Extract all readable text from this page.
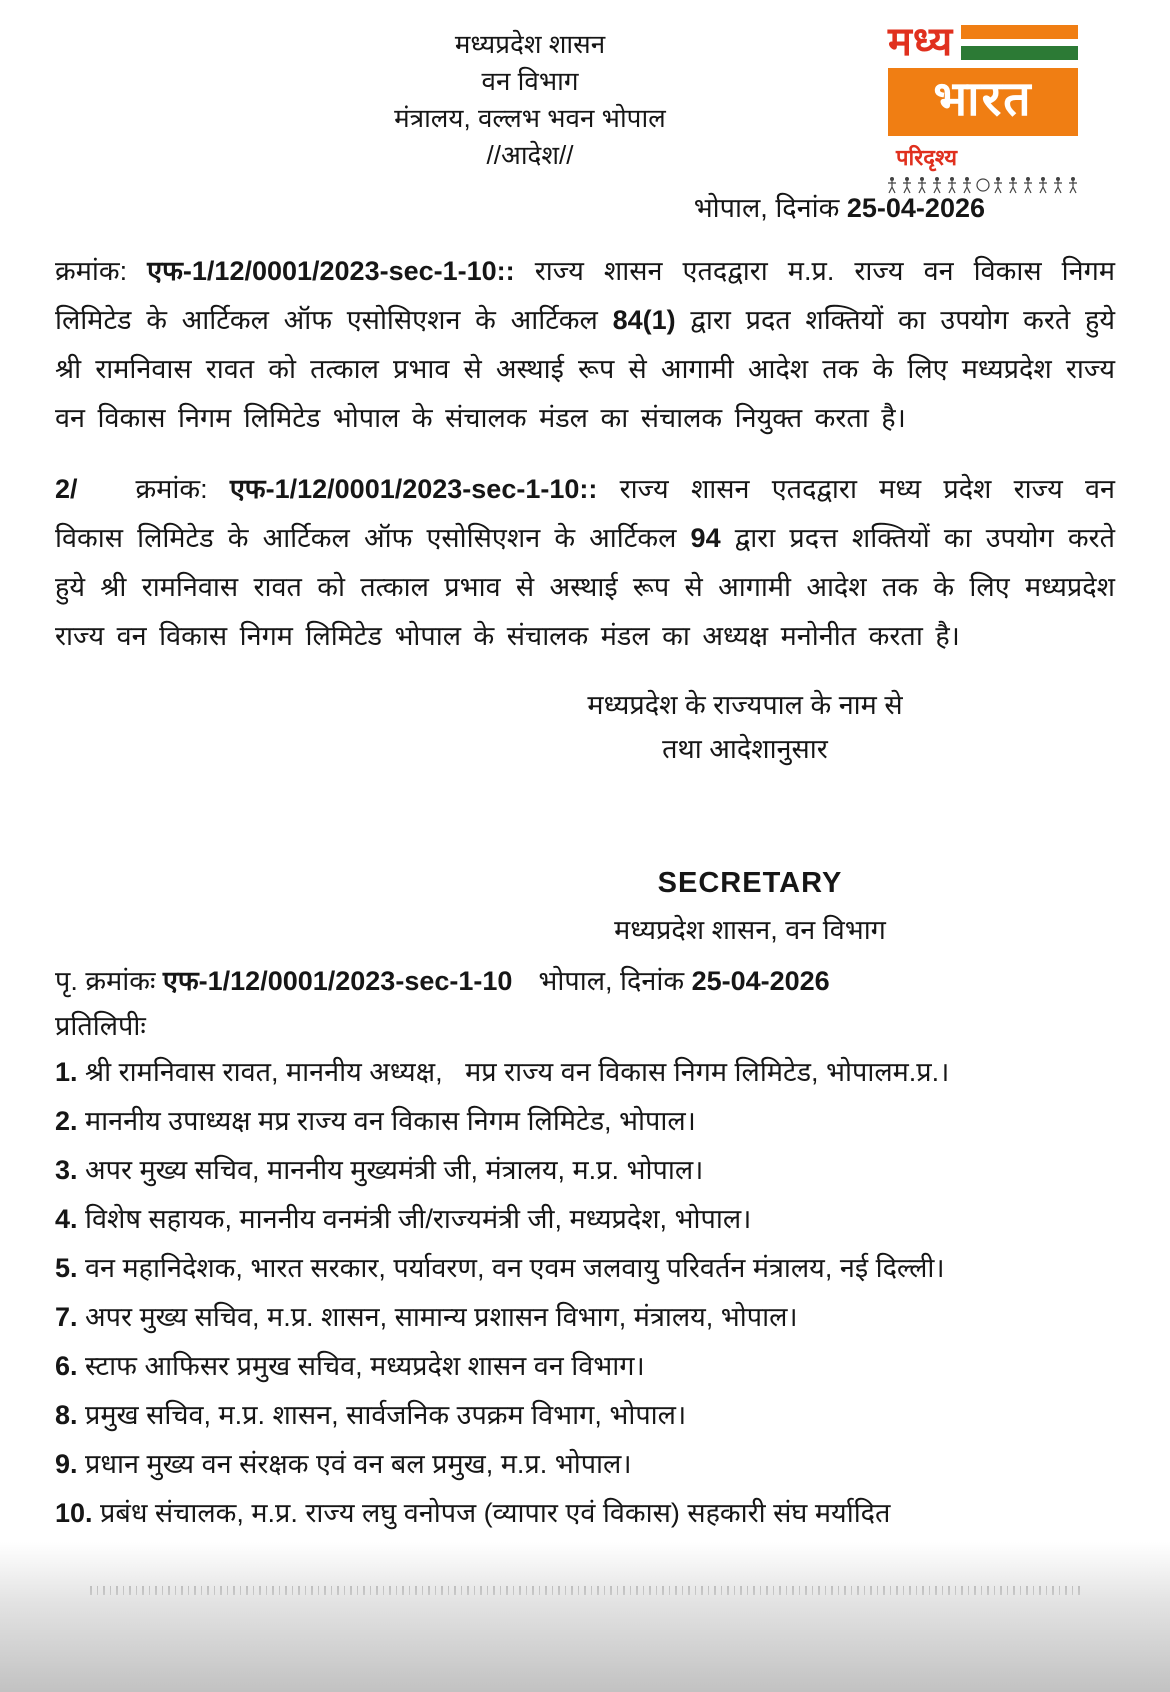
मध्य
भारत
परिदृश्य
मध्यप्रदेश शासन
वन विभाग
मंत्रालय, वल्लभ भवन भोपाल
//आदेश//
भोपाल, दिनांक 25-04-2026
क्रमांक: एफ-1/12/0001/2023-sec-1-10:: राज्य शासन एतदद्वारा म.प्र. राज्य वन विकास निगम लिमिटेड के आर्टिकल ऑफ एसोसिएशन के आर्टिकल 84(1) द्वारा प्रदत शक्तियों का उपयोग करते हुये श्री रामनिवास रावत को तत्काल प्रभाव से अस्थाई रूप से आगामी आदेश तक के लिए मध्यप्रदेश राज्य वन विकास निगम लिमिटेड भोपाल के संचालक मंडल का संचालक नियुक्त करता है।
2/ क्रमांक: एफ-1/12/0001/2023-sec-1-10:: राज्य शासन एतदद्वारा मध्य प्रदेश राज्य वन विकास लिमिटेड के आर्टिकल ऑफ एसोसिएशन के आर्टिकल 94 द्वारा प्रदत्त शक्तियों का उपयोग करते हुये श्री रामनिवास रावत को तत्काल प्रभाव से अस्थाई रूप से आगामी आदेश तक के लिए मध्यप्रदेश राज्य वन विकास निगम लिमिटेड भोपाल के संचालक मंडल का अध्यक्ष मनोनीत करता है।
मध्यप्रदेश के राज्यपाल के नाम से
तथा आदेशानुसार
SECRETARY
मध्यप्रदेश शासन, वन विभाग
पृ. क्रमांकः एफ-1/12/0001/2023-sec-1-10 भोपाल, दिनांक 25-04-2026
प्रतिलिपीः
1. श्री रामनिवास रावत, माननीय अध्यक्ष,   मप्र राज्य वन विकास निगम लिमिटेड, भोपालम.प्र.।
2. माननीय उपाध्यक्ष मप्र राज्य वन विकास निगम लिमिटेड, भोपाल।
3. अपर मुख्य सचिव, माननीय मुख्यमंत्री जी, मंत्रालय, म.प्र. भोपाल।
4. विशेष सहायक, माननीय वनमंत्री जी/राज्यमंत्री जी, मध्यप्रदेश, भोपाल।
5. वन महानिदेशक, भारत सरकार, पर्यावरण, वन एवम जलवायु परिवर्तन मंत्रालय, नई दिल्ली।
7. अपर मुख्य सचिव, म.प्र. शासन, सामान्य प्रशासन विभाग, मंत्रालय, भोपाल।
6. स्टाफ आफिसर प्रमुख सचिव, मध्यप्रदेश शासन वन विभाग।
8. प्रमुख सचिव, म.प्र. शासन, सार्वजनिक उपक्रम विभाग, भोपाल।
9. प्रधान मुख्य वन संरक्षक एवं वन बल प्रमुख, म.प्र. भोपाल।
10. प्रबंध संचालक, म.प्र. राज्य लघु वनोपज (व्यापार एवं विकास) सहकारी संघ मर्यादित
